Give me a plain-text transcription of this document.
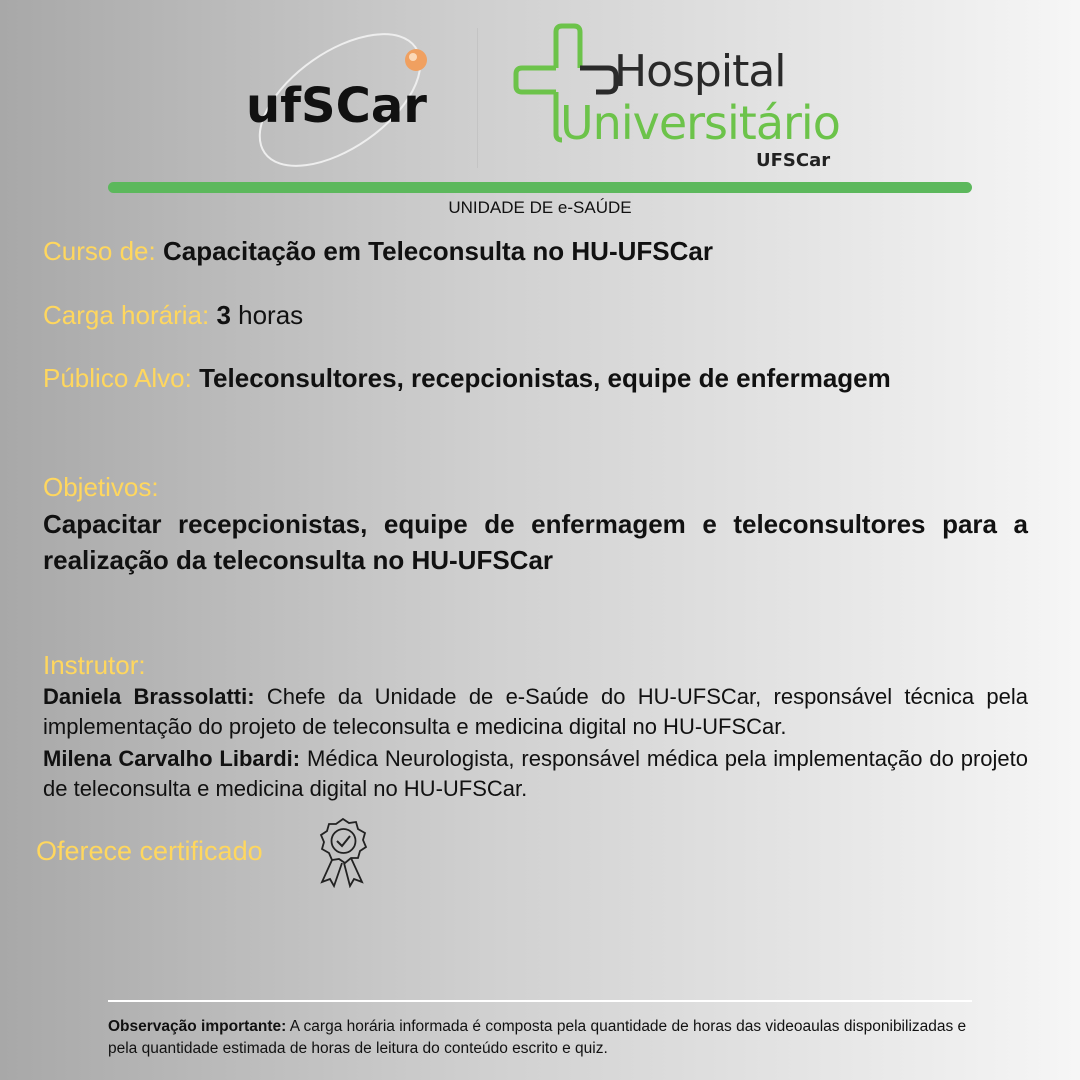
ufSCar
Hospital
Universitário
UFSCar
UNIDADE DE e-SAÚDE
Curso de: Capacitação em Teleconsulta no HU-UFSCar
Carga horária: 3 horas
Público Alvo: Teleconsultores, recepcionistas, equipe de enfermagem
Objetivos:
Capacitar recepcionistas, equipe de enfermagem e teleconsultores para a realização da teleconsulta no HU-UFSCar
Instrutor:
Daniela Brassolatti: Chefe da Unidade de e-Saúde do HU-UFSCar, responsável técnica pela implementação do projeto de teleconsulta e medicina digital no HU-UFSCar.
Milena Carvalho Libardi: Médica Neurologista, responsável médica pela implementação do projeto de teleconsulta e medicina digital no HU-UFSCar.
Oferece certificado
Observação importante: A carga horária informada é composta pela quantidade de horas das videoaulas disponibilizadas e pela quantidade estimada de horas de leitura do conteúdo escrito e quiz.
